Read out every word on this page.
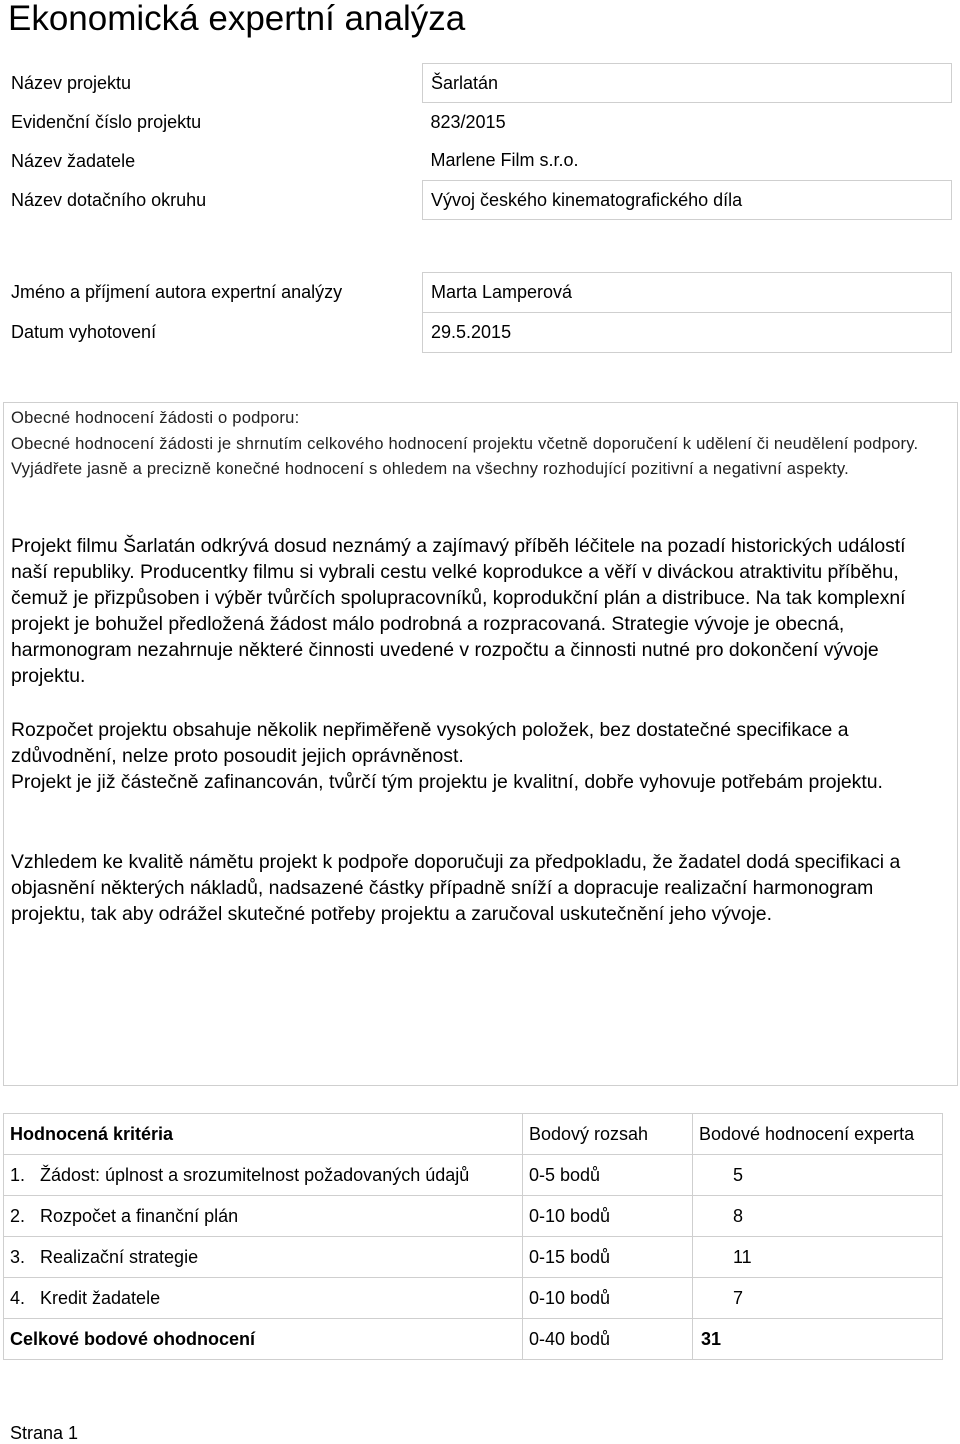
Ekonomická expertní analýza
Název projektu	Šarlatán
Evidenční číslo projektu	823/2015
Název žadatele	Marlene Film s.r.o.
Název dotačního okruhu	Vývoj českého kinematografického díla
Jméno a příjmení autora expertní analýzy	Marta Lamperová
Datum vyhotovení	29.5.2015
Obecné hodnocení žádosti o podporu:
Obecné hodnocení žádosti je shrnutím celkového hodnocení projektu včetně doporučení k udělení či neudělení podpory. Vyjádřete jasně a precizně konečné hodnocení s ohledem na všechny rozhodující pozitivní a negativní aspekty.
Projekt filmu Šarlatán odkrývá dosud neznámý a zajímavý příběh léčitele na pozadí historických událostí naší republiky. Producentky filmu si vybrali cestu velké koprodukce a věří v diváckou atraktivitu příběhu, čemuž je přizpůsoben i výběr tvůrčích spolupracovníků, koprodukční plán a distribuce. Na tak komplexní projekt je bohužel předložená žádost málo podrobná a rozpracovaná. Strategie vývoje je obecná, harmonogram nezahrnuje některé činnosti uvedené v rozpočtu a činnosti nutné pro dokončení vývoje projektu.
Rozpočet projektu obsahuje několik nepřiměřeně vysokých položek, bez dostatečné specifikace a zdůvodnění, nelze proto posoudit jejich oprávněnost.
Projekt je již částečně zafinancován, tvůrčí tým projektu je kvalitní, dobře vyhovuje potřebám projektu.
Vzhledem ke kvalitě námětu projekt k podpoře doporučuji za předpokladu, že žadatel dodá specifikaci a objasnění některých nákladů, nadsazené částky případně sníží a dopracuje realizační harmonogram projektu, tak aby odrážel skutečné potřeby projektu a zaručoval uskutečnění jeho vývoje.
Hodnocená kritéria	Bodový rozsah	Bodové hodnocení experta
1. Žádost: úplnost a srozumitelnost požadovaných údajů	0-5 bodů	5
2. Rozpočet a finanční plán	0-10 bodů	8
3. Realizační strategie	0-15 bodů	11
4. Kredit žadatele	0-10 bodů	7
Celkové bodové ohodnocení	0-40 bodů	31
Strana 1
